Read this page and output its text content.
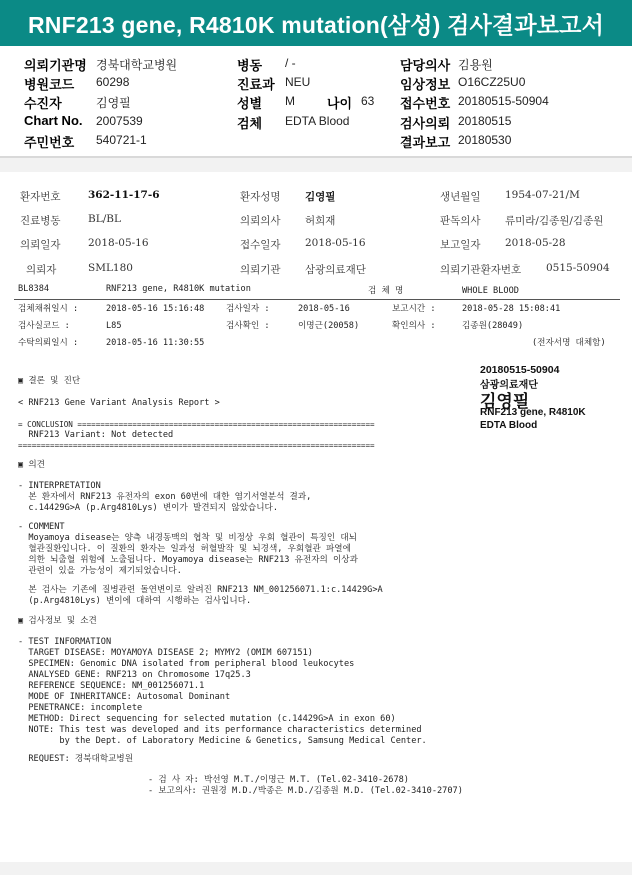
RNF213 gene, R4810K mutation(삼성) 검사결과보고서
의뢰기관명 경북대학교병원
병원코드 60298
수진자	김영필
Chart No. 2007539
주민번호 540721-1
병동 / -
진료과 NEU
성별 M 나이 63
검체 EDTA Blood
담당의사 김용원
임상정보 O16CZ25U0
접수번호 20180515-50904
검사의뢰 20180515
결과보고 20180530
환자번호	362-11-17-6	환자성명 김영필	생년월일 1954-07-21/M
진료병동	BL/BL	의뢰의사 허희재	판독의사 류미라/김종원/김종원
의뢰일자	2018-05-16	접수일자 2018-05-16	보고일자 2018-05-28
의뢰자	SML180	의뢰기관 삼광의료재단	의뢰기관환자번호 0515-50904
BL8384	RNF213 gene, R4810K mutation	검 체 명	WHOLE BLOOD
검체채취일시 :	2018-05-16 15:16:48	검사일자 :	2018-05-16	보고시간 :	2018-05-28 15:08:41
검사실코드 :	L85	검사확인 :	이명근(20058)	확인의사 :	김종원(28049)
수탁의뢰일시 :	2018-05-16 11:30:55	(전자서명 대체함)
20180515-50904
삼광의료재단
김영필
RNF213 gene, R4810K
EDTA Blood
▣ 결론 및 진단
< RNF213 Gene Variant Analysis Report >
= CONCLUSION =================================================================
RNF213 Variant: Not detected
==============================================================================
▣ 의견
- INTERPRETATION
본 환자에서 RNF213 유전자의 exon 60번에 대한 염기서열분석 결과,
c.14429G>A (p.Arg4810Lys) 변이가 발견되지 않았습니다.
- COMMENT
Moyamoya disease는 양측 내경동맥의 협착 및 비정상 우회 혈관이 특징인 대뇌
혈관질환입니다. 이 질환의 환자는 일과성 허혈발작 및 뇌경색, 우회혈관 파열에
의한 뇌출혈 위험에 노출됩니다. Moyamoya disease는 RNF213 유전자의 이상과
관련이 있을 가능성이 제기되었습니다.
본 검사는 기존에 질병관련 돌연변이로 알려진 RNF213 NM_001256071.1:c.14429G>A
(p.Arg4810Lys) 변이에 대하여 시행하는 검사입니다.
▣ 검사정보 및 소견
- TEST INFORMATION
TARGET DISEASE: MOYAMOYA DISEASE 2; MYMY2 (OMIM 607151)
SPECIMEN: Genomic DNA isolated from peripheral blood leukocytes
ANALYSED GENE: RNF213 on Chromosome 17q25.3
REFERENCE SEQUENCE: NM_001256071.1
MODE OF INHERITANCE: Autosomal Dominant
PENETRANCE: incomplete
METHOD: Direct sequencing for selected mutation (c.14429G>A in exon 60)
NOTE: This test was developed and its performance characteristics determined
by the Dept. of Laboratory Medicine & Genetics, Samsung Medical Center.
REQUEST: 경북대학교병원
- 검 사 자: 박선영 M.T./이명근 M.T. (Tel.02-3410-2678)
- 보고의사: 권원경 M.D./박종은 M.D./김종원 M.D. (Tel.02-3410-2707)
